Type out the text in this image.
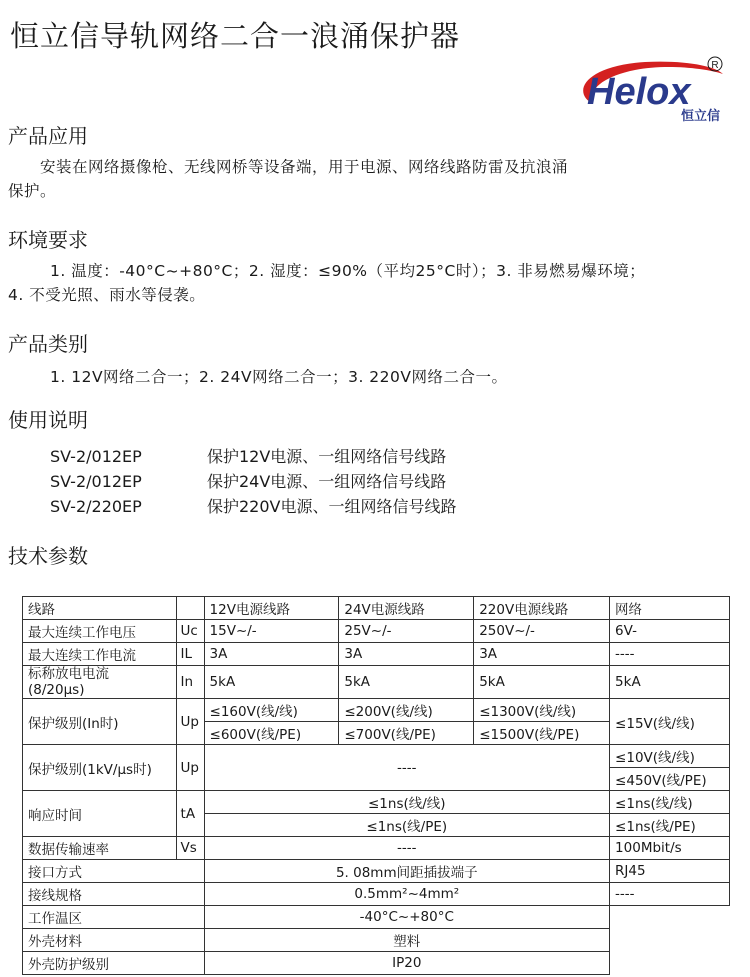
恒立信导轨网络二合一浪涌保护器
Helox
R
恒立信
产品应用
安装在网络摄像枪、无线网桥等设备端，用于电源、网络线路防雷及抗浪涌
保护。
环境要求
1. 温度：-40°C~+80°C；2. 湿度：≤90%（平均25°C时）；3. 非易燃易爆环境；
4. 不受光照、雨水等侵袭。
产品类别
1. 12V网络二合一；2. 24V网络二合一；3. 220V网络二合一。
使用说明
SV-2/012EP	保护12V电源、一组网络信号线路
SV-2/012EP	保护24V电源、一组网络信号线路
SV-2/220EP	保护220V电源、一组网络信号线路
技术参数
线路		12V电源线路	24V电源线路	220V电源线路	网络
最大连续工作电压	Uc	15V~/-	25V~/-	250V~/-	6V-
最大连续工作电流	IL	3A	3A	3A	----
标称放电电流
(8/20μs)	In	5kA	5kA	5kA	5kA
保护级别(In时)	Up	≤160V(线/线)	≤200V(线/线)	≤1300V(线/线)	≤15V(线/线)
		≤600V(线/PE)	≤700V(线/PE)	≤1500V(线/PE)	
保护级别(1kV/μs时)	Up	----			≤10V(线/线)
					≤450V(线/PE)
响应时间	tA	≤1ns(线/线)			≤1ns(线/线)
		≤1ns(线/PE)			≤1ns(线/PE)
数据传输速率	Vs	----			100Mbit/s
接口方式		5. 08mm间距插拔端子			RJ45
接线规格		0.5mm²~4mm²			----
工作温区		-40°C~+80°C			
外壳材料		塑料			
外壳防护级别		IP20			
